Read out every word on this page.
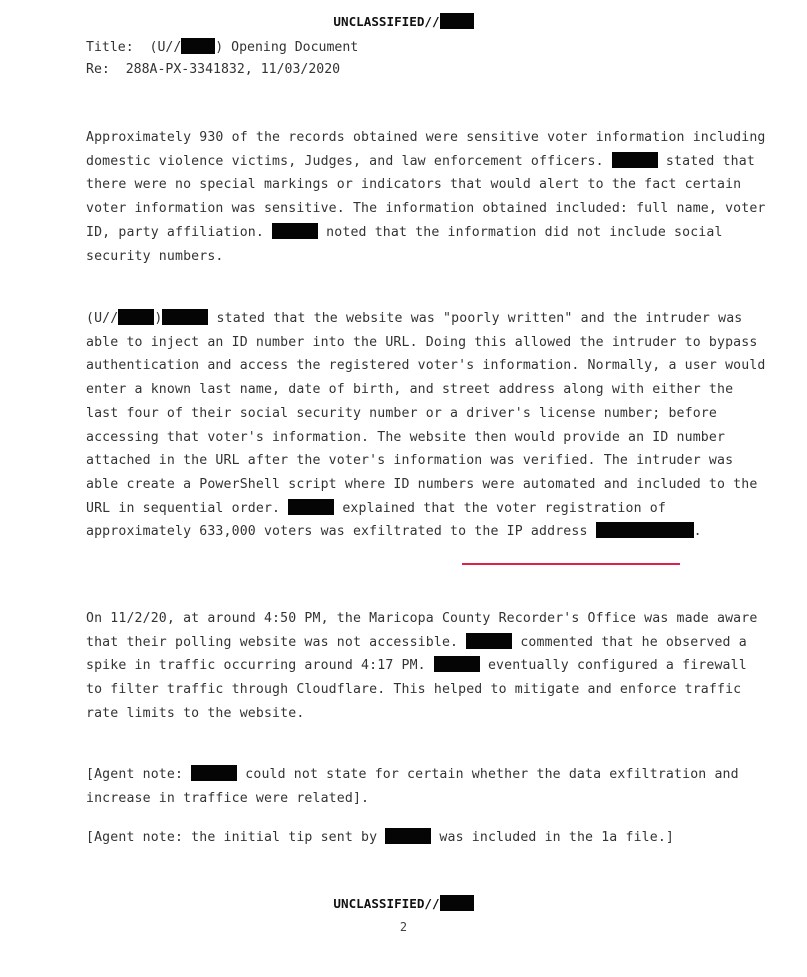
UNCLASSIFIED//
Title: (U//	) Opening Document
Re: 288A-PX-3341832, 11/03/2020

Approximately 930 of the records obtained were sensitive voter information including domestic violence victims, Judges, and law enforcement officers.	stated that there were no special markings or indicators that would alert to the fact certain voter information was sensitive. The information obtained included: full name, voter ID, party affiliation.	noted that the information did not include social security numbers.

(U//	)	stated that the website was "poorly written" and the intruder was able to inject an ID number into the URL. Doing this allowed the intruder to bypass authentication and access the registered voter's information. Normally, a user would enter a known last name, date of birth, and street address along with either the last four of their social security number or a driver's license number; before accessing that voter's information. The website then would provide an ID number attached in the URL after the voter's information was verified. The intruder was able create a PowerShell script where ID numbers were automated and included to the URL in sequential order.	explained that the voter registration of approximately 633,000 voters was exfiltrated to the IP address	.

On 11/2/20, at around 4:50 PM, the Maricopa County Recorder's Office was made aware that their polling website was not accessible.	commented that he observed a spike in traffic occurring around 4:17 PM.	eventually configured a firewall to filter traffic through Cloudflare. This helped to mitigate and enforce traffic rate limits to the website.

[Agent note:	could not state for certain whether the data exfiltration and increase in traffice were related].

[Agent note: the initial tip sent by	was included in the 1a file.]

UNCLASSIFIED//
2
